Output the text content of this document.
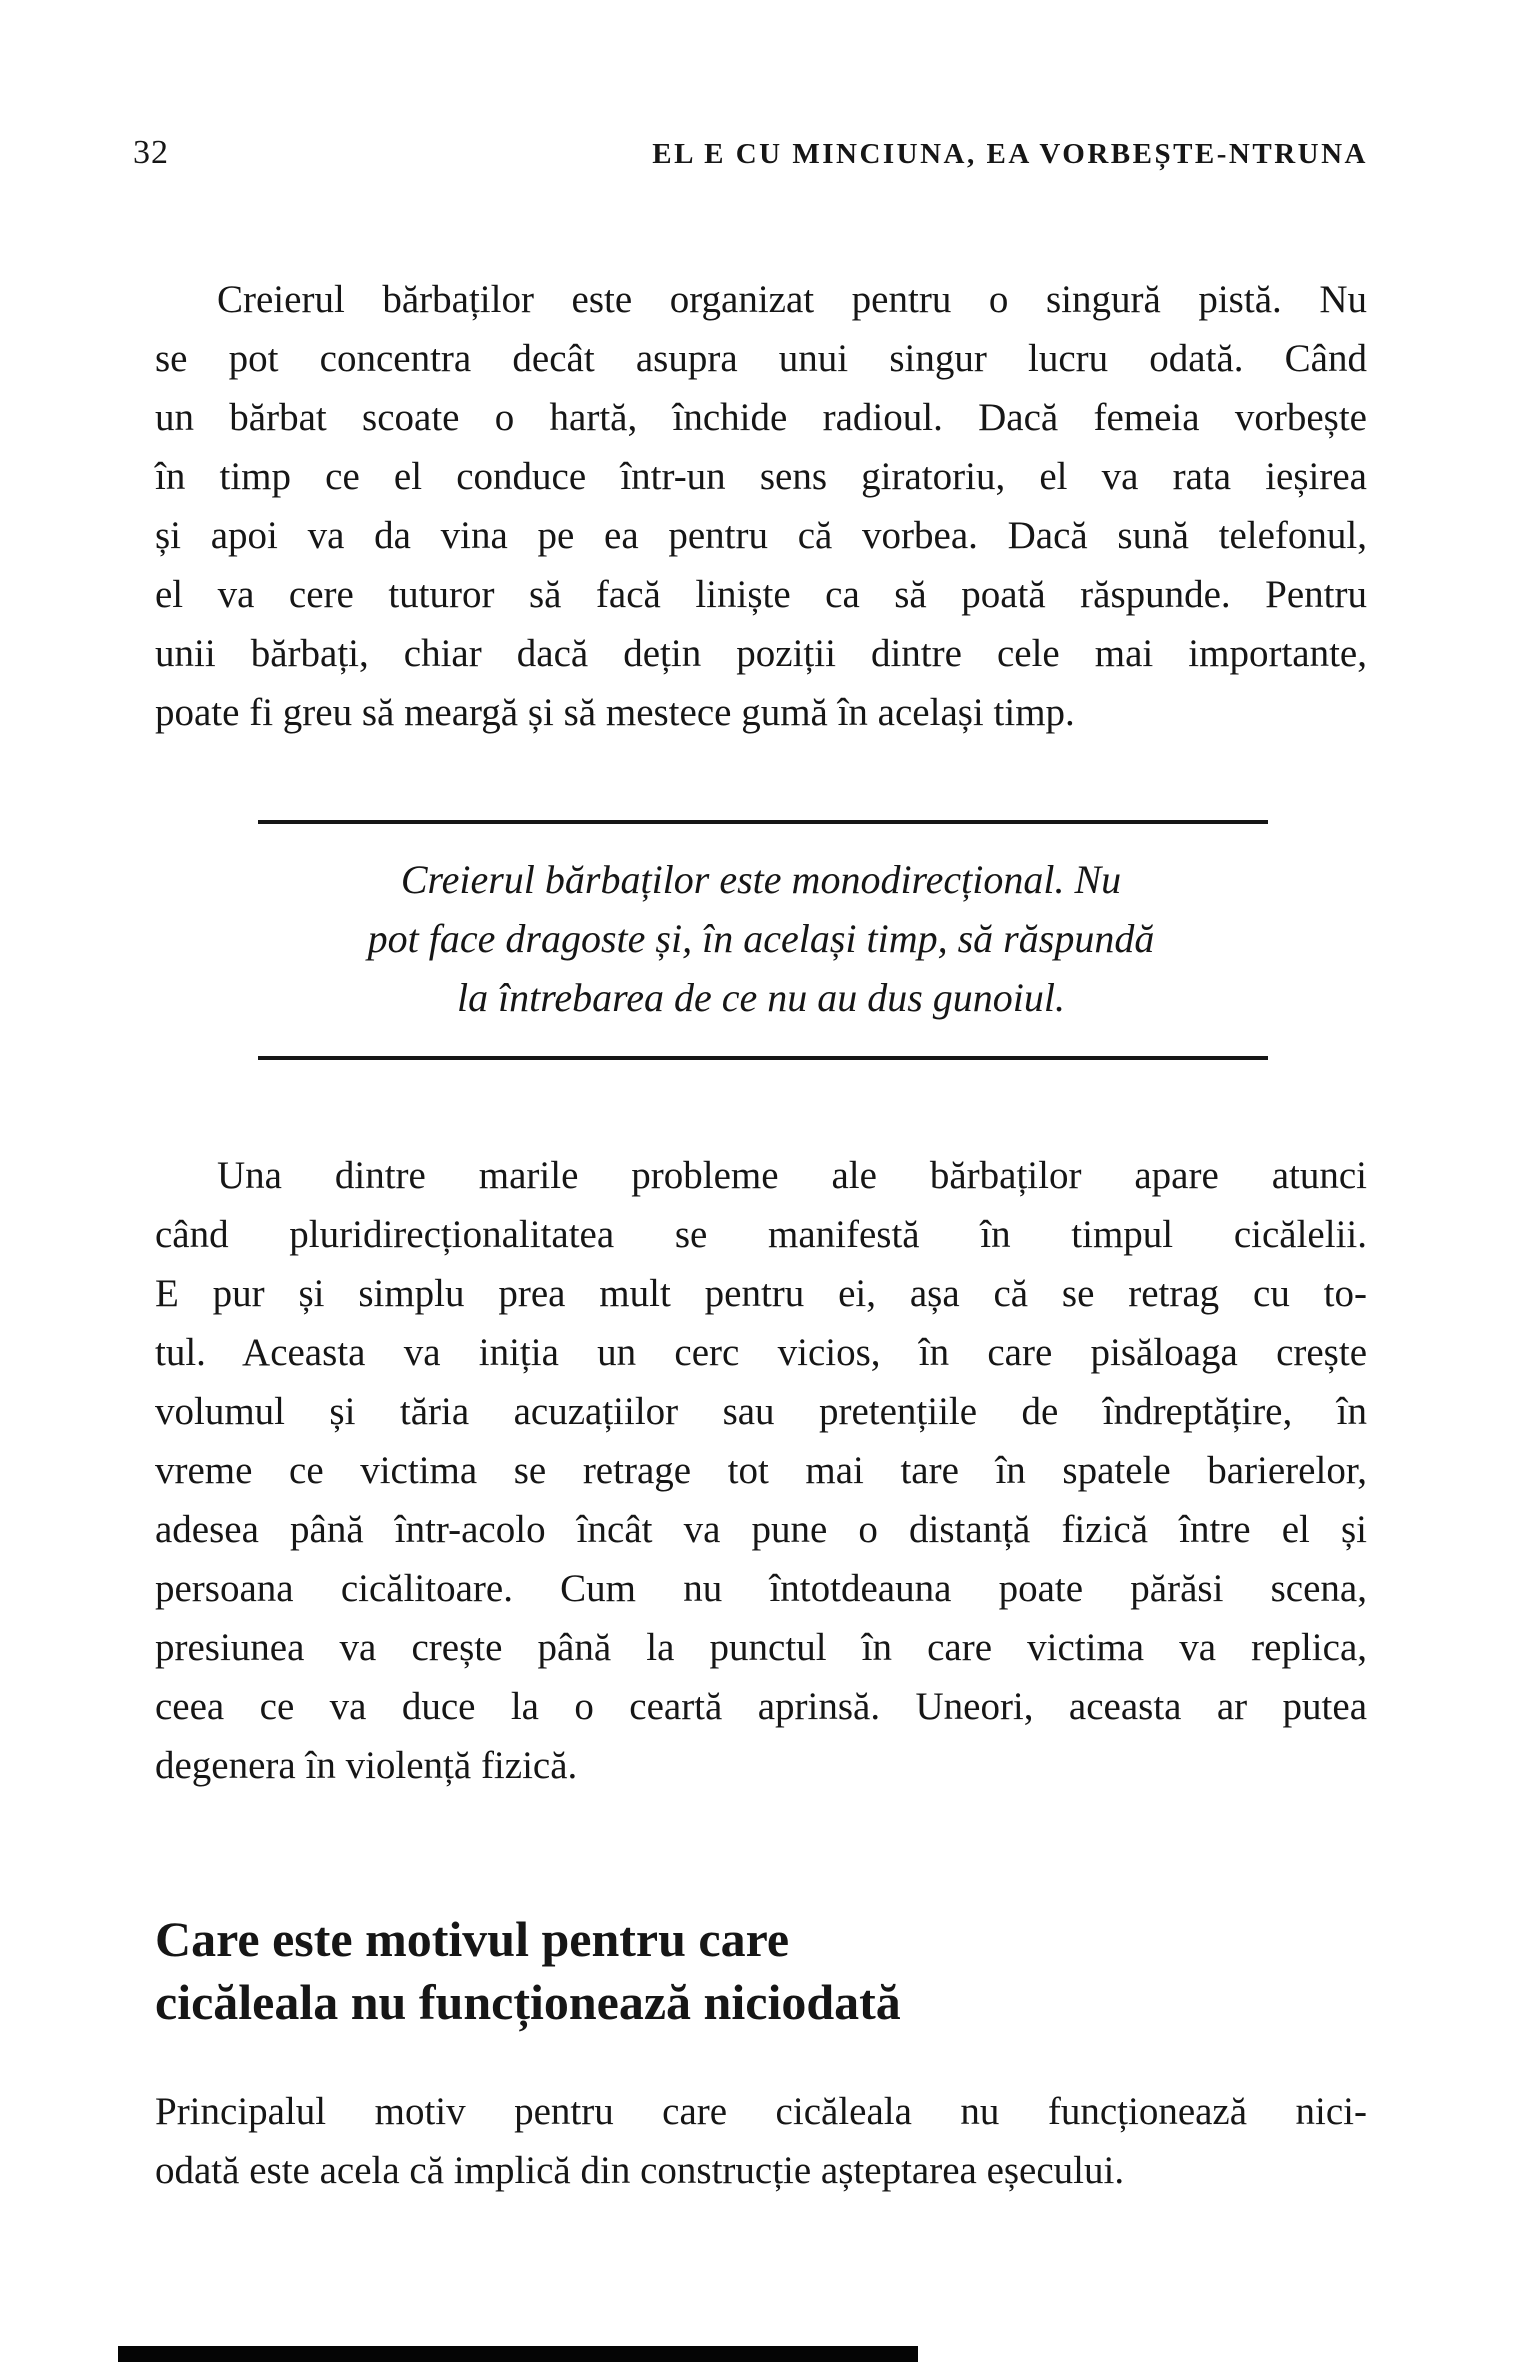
32	EL E CU MINCIUNA, EA VORBEȘTE-NTRUNA
Creierul bărbaților este organizat pentru o singură pistă. Nu
se pot concentra decât asupra unui singur lucru odată. Când
un bărbat scoate o hartă, închide radioul. Dacă femeia vorbește
în timp ce el conduce într-un sens giratoriu, el va rata ieșirea
și apoi va da vina pe ea pentru că vorbea. Dacă sună telefonul,
el va cere tuturor să facă liniște ca să poată răspunde. Pentru
unii bărbați, chiar dacă dețin poziții dintre cele mai importante,
poate fi greu să meargă și să mestece gumă în același timp.
Creierul bărbaților este monodirecțional. Nu
pot face dragoste și, în același timp, să răspundă
la întrebarea de ce nu au dus gunoiul.
Una dintre marile probleme ale bărbaților apare atunci
când pluridirecționalitatea se manifestă în timpul cicălelii.
E pur și simplu prea mult pentru ei, așa că se retrag cu to-
tul. Aceasta va iniția un cerc vicios, în care pisăloaga crește
volumul și tăria acuzațiilor sau pretențiile de îndreptățire, în
vreme ce victima se retrage tot mai tare în spatele barierelor,
adesea până într-acolo încât va pune o distanță fizică între el și
persoana cicălitoare. Cum nu întotdeauna poate părăsi scena,
presiunea va crește până la punctul în care victima va replica,
ceea ce va duce la o ceartă aprinsă. Uneori, aceasta ar putea
degenera în violență fizică.
Care este motivul pentru care
cicăleala nu funcționează niciodată
Principalul motiv pentru care cicăleala nu funcționează nici-
odată este acela că implică din construcție așteptarea eșecului.
